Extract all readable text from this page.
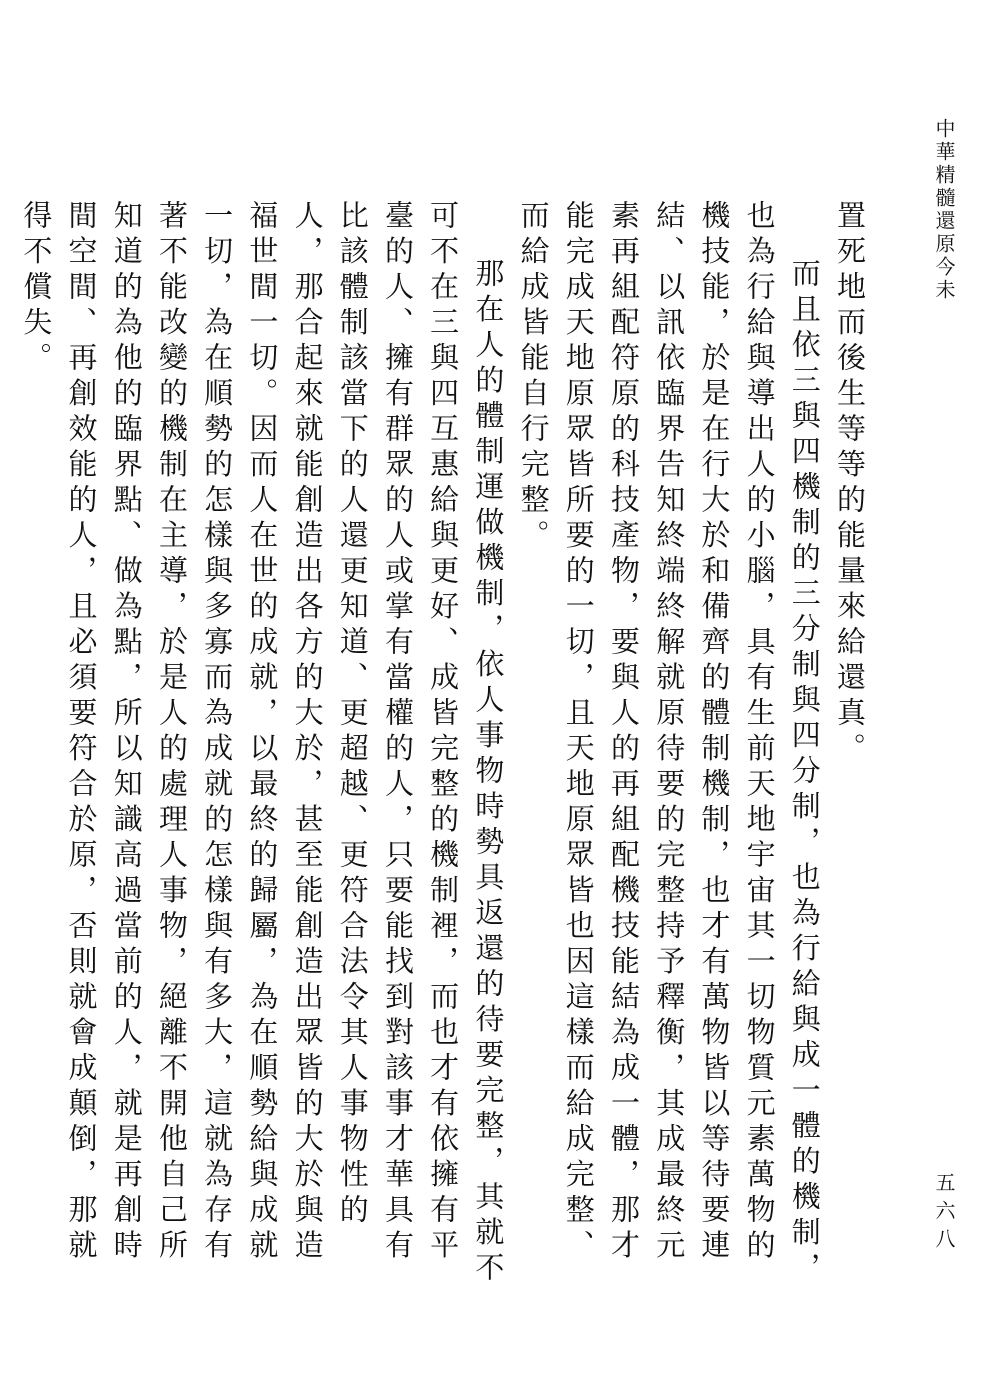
中華精髓還原今未
五六八

置死地而後生等等的能量來給還真。

而且依三與四機制的三分制與四分制，也為行給與成一體的機制，也為行給與導出人的小腦，具有生前天地宇宙其一切物質元素萬物的機技能，於是在行大於和備齊的體制機制，也才有萬物皆以等待要連結、以訊依臨界告知終端終解就原待要的完整持予釋衡，其成最終元素再組配符原的科技產物，要與人的再組配機技能結為成一體，那才能完成天地原眾皆所要的一切，且天地原眾皆也因這樣而給成完整、而給成皆能自行完整。

那在人的體制運做機制，依人事物時勢具返還的待要完整，其就不可不在三與四互惠給與更好、成皆完整的機制裡，而也才有依擁有平臺的人、擁有群眾的人或掌有當權的人，只要能找到對該事才華具有比該體制該當下的人還更知道、更超越、更符合法令其人事物性的人，那合起來就能創造出各方的大於，甚至能創造出眾皆的大於與造福世間一切。因而人在世的成就，以最終的歸屬，為在順勢給與成就一切，為在順勢的怎樣與多寡而為成就的怎樣與有多大，這就為存有著不能改變的機制在主導，於是人的處理人事物，絕離不開他自己所知道的為他的臨界點、做為點，所以知識高過當前的人，就是再創時間空間、再創效能的人，且必須要符合於原，否則就會成顛倒，那就得不償失。
